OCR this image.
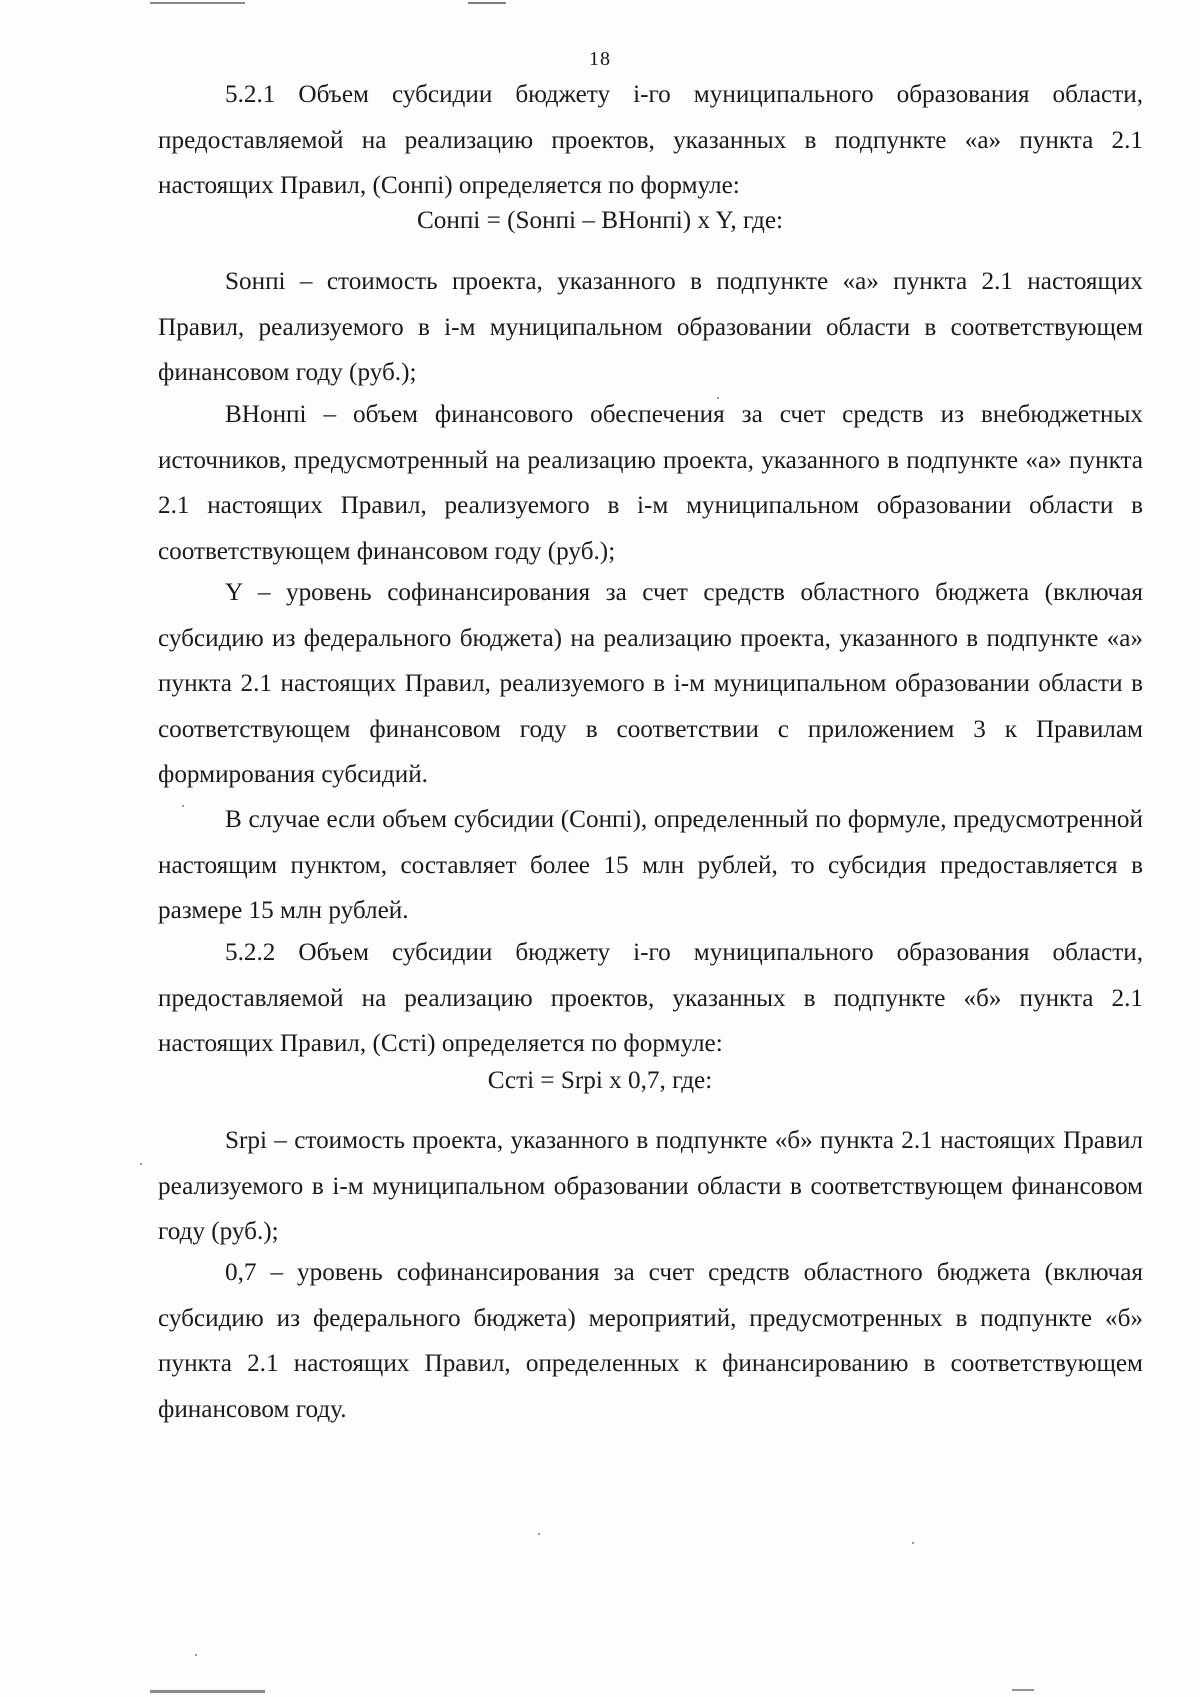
18

5.2.1 Объем субсидии бюджету i-го муниципального образования области, предоставляемой на реализацию проектов, указанных в подпункте «а» пункта 2.1 настоящих Правил, (Сонпi) определяется по формуле:

Сонпi = (Sонпi – ВНонпi) x Y, где:

Sонпi – стоимость проекта, указанного в подпункте «а» пункта 2.1 настоящих Правил, реализуемого в i-м муниципальном образовании области в соответствующем финансовом году (руб.);

ВНонпi – объем финансового обеспечения за счет средств из внебюджетных источников, предусмотренный на реализацию проекта, указанного в подпункте «а» пункта 2.1 настоящих Правил, реализуемого в i-м муниципальном образовании области в соответствующем финансовом году (руб.);

Y – уровень софинансирования за счет средств областного бюджета (включая субсидию из федерального бюджета) на реализацию проекта, указанного в подпункте «а» пункта 2.1 настоящих Правил, реализуемого в i-м муниципальном образовании области в соответствующем финансовом году в соответствии с приложением 3 к Правилам формирования субсидий.

В случае если объем субсидии (Сонпi), определенный по формуле, предусмотренной настоящим пунктом, составляет более 15 млн рублей, то субсидия предоставляется в размере 15 млн рублей.

5.2.2 Объем субсидии бюджету i-го муниципального образования области, предоставляемой на реализацию проектов, указанных в подпункте «б» пункта 2.1 настоящих Правил, (Сстi) определяется по формуле:

Сстi = Srpi x 0,7, где:

Srpi – стоимость проекта, указанного в подпункте «б» пункта 2.1 настоящих Правил реализуемого в i-м муниципальном образовании области в соответствующем финансовом году (руб.);

0,7 – уровень софинансирования за счет средств областного бюджета (включая субсидию из федерального бюджета) мероприятий, предусмотренных в подпункте «б» пункта 2.1 настоящих Правил, определенных к финансированию в соответствующем финансовом году.
